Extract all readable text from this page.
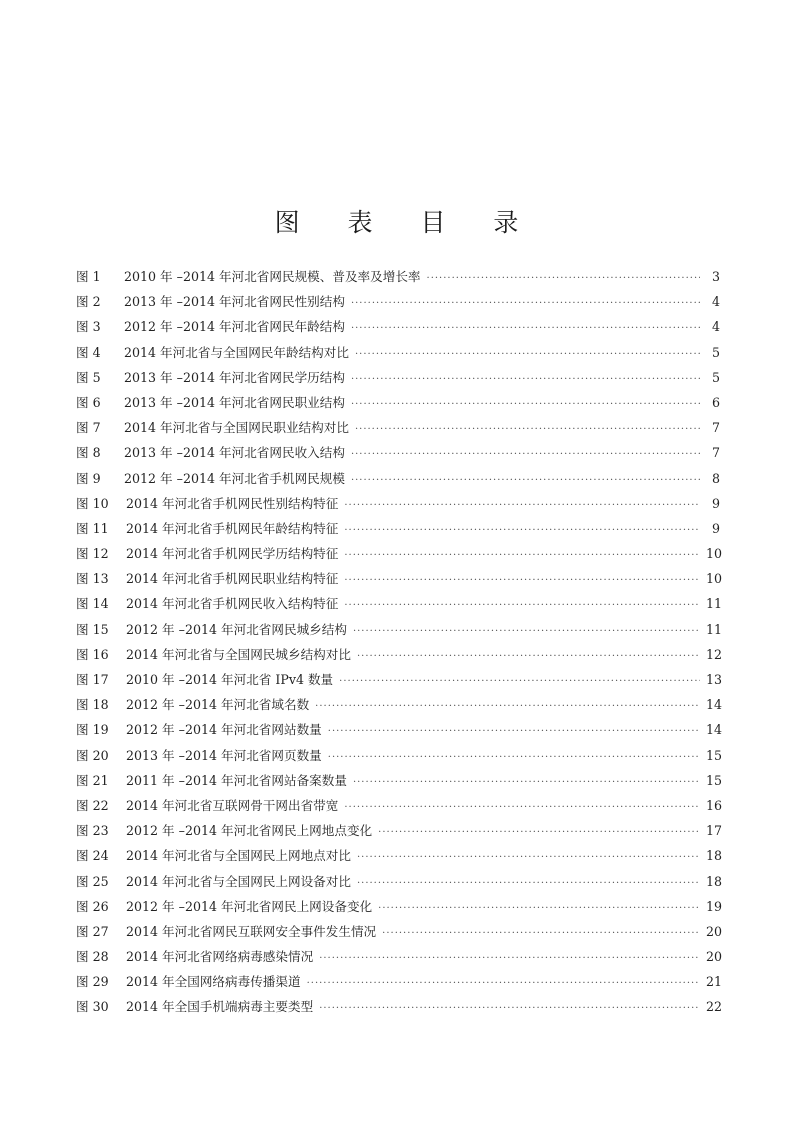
图 表 目 录
图 1	2010 年 –2014 年河北省网民规模、普及率及增长率 ·····	3
图 2	2013 年 –2014 年河北省网民性别结构 ·····	4
图 3	2012 年 –2014 年河北省网民年龄结构 ·····	4
图 4	2014 年河北省与全国网民年龄结构对比 ·····	5
图 5	2013 年 –2014 年河北省网民学历结构 ·····	5
图 6	2013 年 –2014 年河北省网民职业结构 ·····	6
图 7	2014 年河北省与全国网民职业结构对比 ·····	7
图 8	2013 年 –2014 年河北省网民收入结构 ·····	7
图 9	2012 年 –2014 年河北省手机网民规模 ·····	8
图 10	2014 年河北省手机网民性别结构特征 ·····	9
图 11	2014 年河北省手机网民年龄结构特征 ·····	9
图 12	2014 年河北省手机网民学历结构特征 ·····	10
图 13	2014 年河北省手机网民职业结构特征 ·····	10
图 14	2014 年河北省手机网民收入结构特征 ·····	11
图 15	2012 年 –2014 年河北省网民城乡结构 ·····	11
图 16	2014 年河北省与全国网民城乡结构对比 ·····	12
图 17	2010 年 –2014 年河北省 IPv4 数量 ·····	13
图 18	2012 年 –2014 年河北省域名数 ·····	14
图 19	2012 年 –2014 年河北省网站数量 ·····	14
图 20	2013 年 –2014 年河北省网页数量 ·····	15
图 21	2011 年 –2014 年河北省网站备案数量 ·····	15
图 22	2014 年河北省互联网骨干网出省带宽 ·····	16
图 23	2012 年 –2014 年河北省网民上网地点变化 ·····	17
图 24	2014 年河北省与全国网民上网地点对比 ·····	18
图 25	2014 年河北省与全国网民上网设备对比 ·····	18
图 26	2012 年 –2014 年河北省网民上网设备变化 ·····	19
图 27	2014 年河北省网民互联网安全事件发生情况 ·····	20
图 28	2014 年河北省网络病毒感染情况 ·····	20
图 29	2014 年全国网络病毒传播渠道 ·····	21
图 30	2014 年全国手机端病毒主要类型 ·····	22
